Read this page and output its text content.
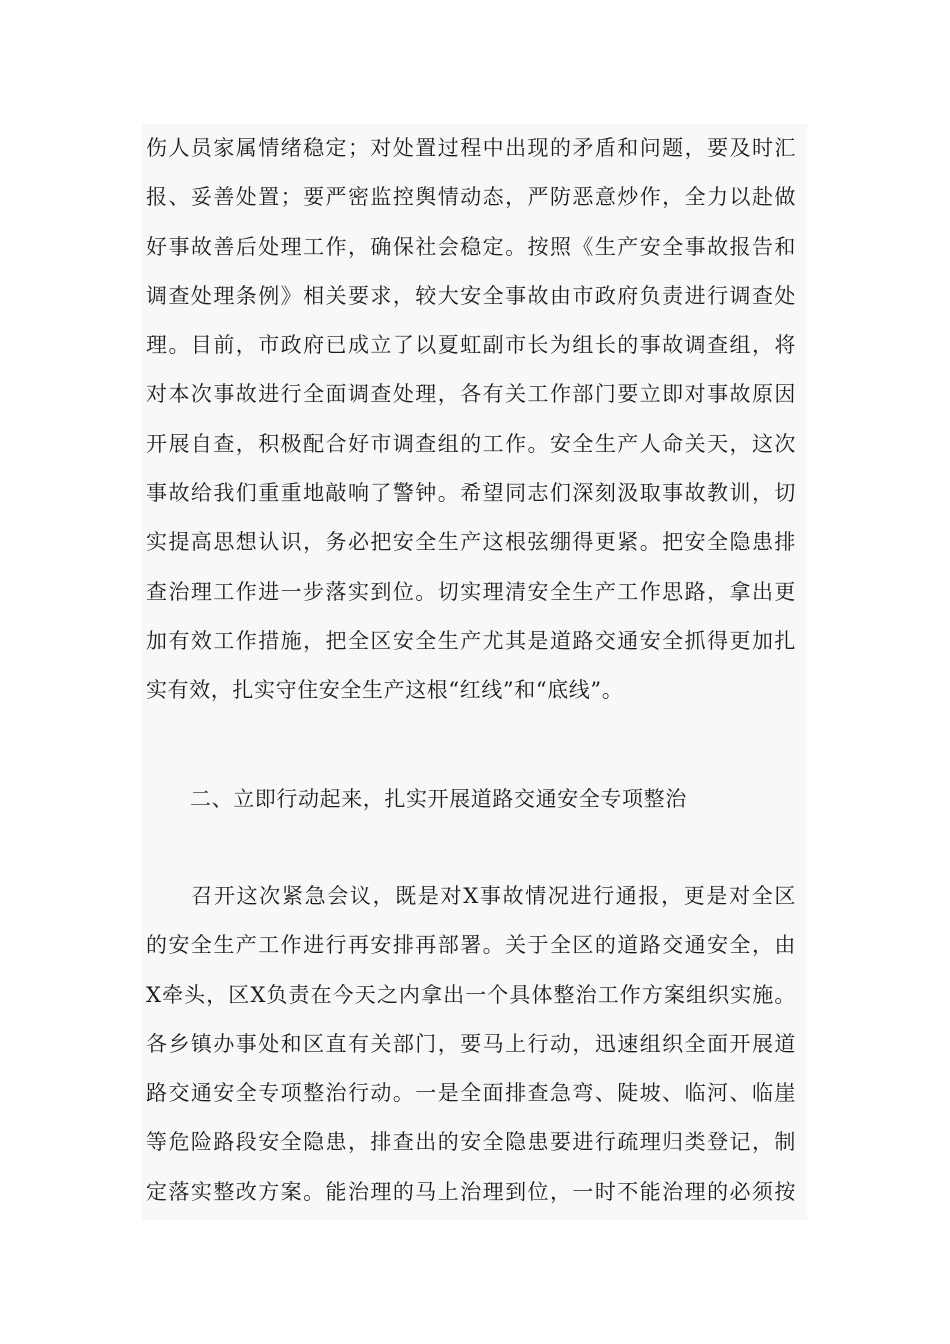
伤人员家属情绪稳定；对处置过程中出现的矛盾和问题，要及时汇
报、妥善处置；要严密监控舆情动态，严防恶意炒作，全力以赴做
好事故善后处理工作，确保社会稳定。按照《生产安全事故报告和
调查处理条例》相关要求，较大安全事故由市政府负责进行调查处
理。目前，市政府已成立了以夏虹副市长为组长的事故调查组，将
对本次事故进行全面调查处理，各有关工作部门要立即对事故原因
开展自查，积极配合好市调查组的工作。安全生产人命关天，这次
事故给我们重重地敲响了警钟。希望同志们深刻汲取事故教训，切
实提高思想认识，务必把安全生产这根弦绷得更紧。把安全隐患排
查治理工作进一步落实到位。切实理清安全生产工作思路，拿出更
加有效工作措施，把全区安全生产尤其是道路交通安全抓得更加扎
实有效，扎实守住安全生产这根“红线”和“底线”。
二、立即行动起来，扎实开展道路交通安全专项整治
　　召开这次紧急会议，既是对X事故情况进行通报，更是对全区
的安全生产工作进行再安排再部署。关于全区的道路交通安全，由
X牵头，区X负责在今天之内拿出一个具体整治工作方案组织实施。
各乡镇办事处和区直有关部门，要马上行动，迅速组织全面开展道
路交通安全专项整治行动。一是全面排查急弯、陡坡、临河、临崖
等危险路段安全隐患，排查出的安全隐患要进行疏理归类登记，制
定落实整改方案。能治理的马上治理到位，一时不能治理的必须按
